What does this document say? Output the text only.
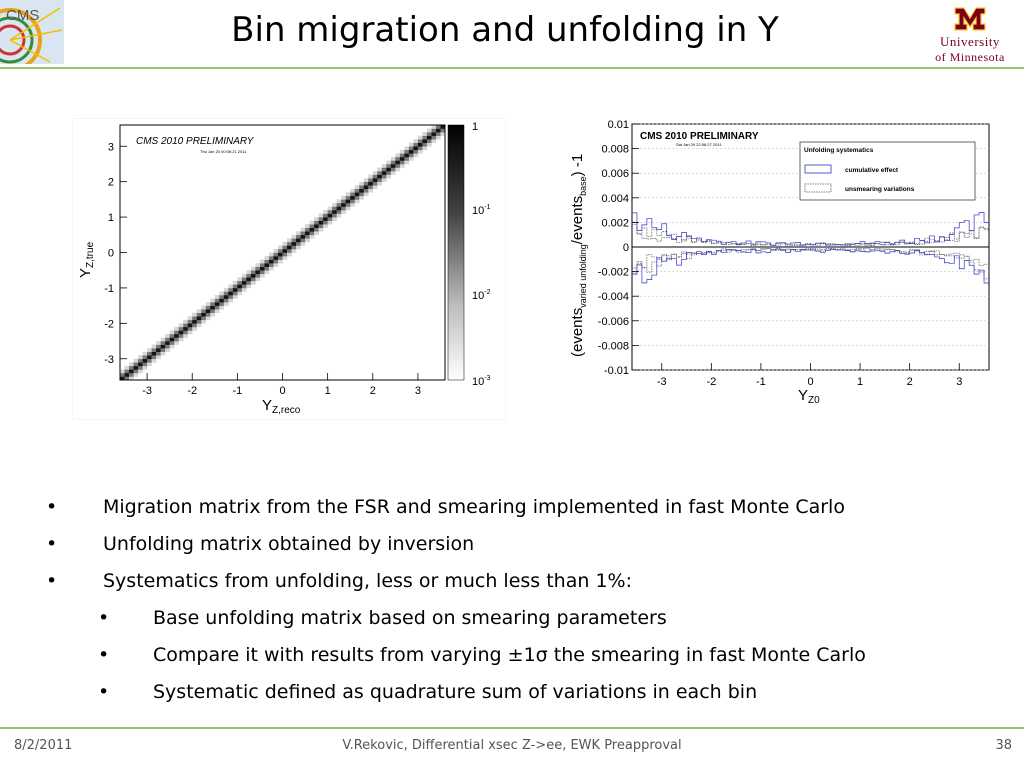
CMS	Bin migration and unfolding in Y	University
of Minnesota
-3	-2	-1	0	1	2	3
3
2
1
0
-1
-2
-3
1
$10^{-1}$
$10^{-2}$
$10^{-3}$
CMS 2010 PRELIMINARY
Thu Jan 20 00:06:21 2011
$Y_{Z,reco}$
$Y_{Z,true}$
-3	-2	-1	0	1	2	3
0.01
0.008
0.006
0.004
0.002
0
-0.002
-0.004
-0.006
-0.008
-0.01
CMS 2010 PRELIMINARY
Sat Jan 29 22:58:27 2011
Unfolding systematics
cumulative effect
unsmearing variations
$Y_{Z0}$
(events$_{varied unfolding}$/events$_{base}$) -1
• Migration matrix from the FSR and smearing implemented in fast Monte Carlo
• Unfolding matrix obtained by inversion
• Systematics from unfolding, less or much less than 1%:
• Base unfolding matrix based on smearing parameters
• Compare it with results from varying ±1σ the smearing in fast Monte Carlo
• Systematic defined as quadrature sum of variations in each bin
8/2/2011	V.Rekovic, Differential xsec Z->ee, EWK Preapproval	38
